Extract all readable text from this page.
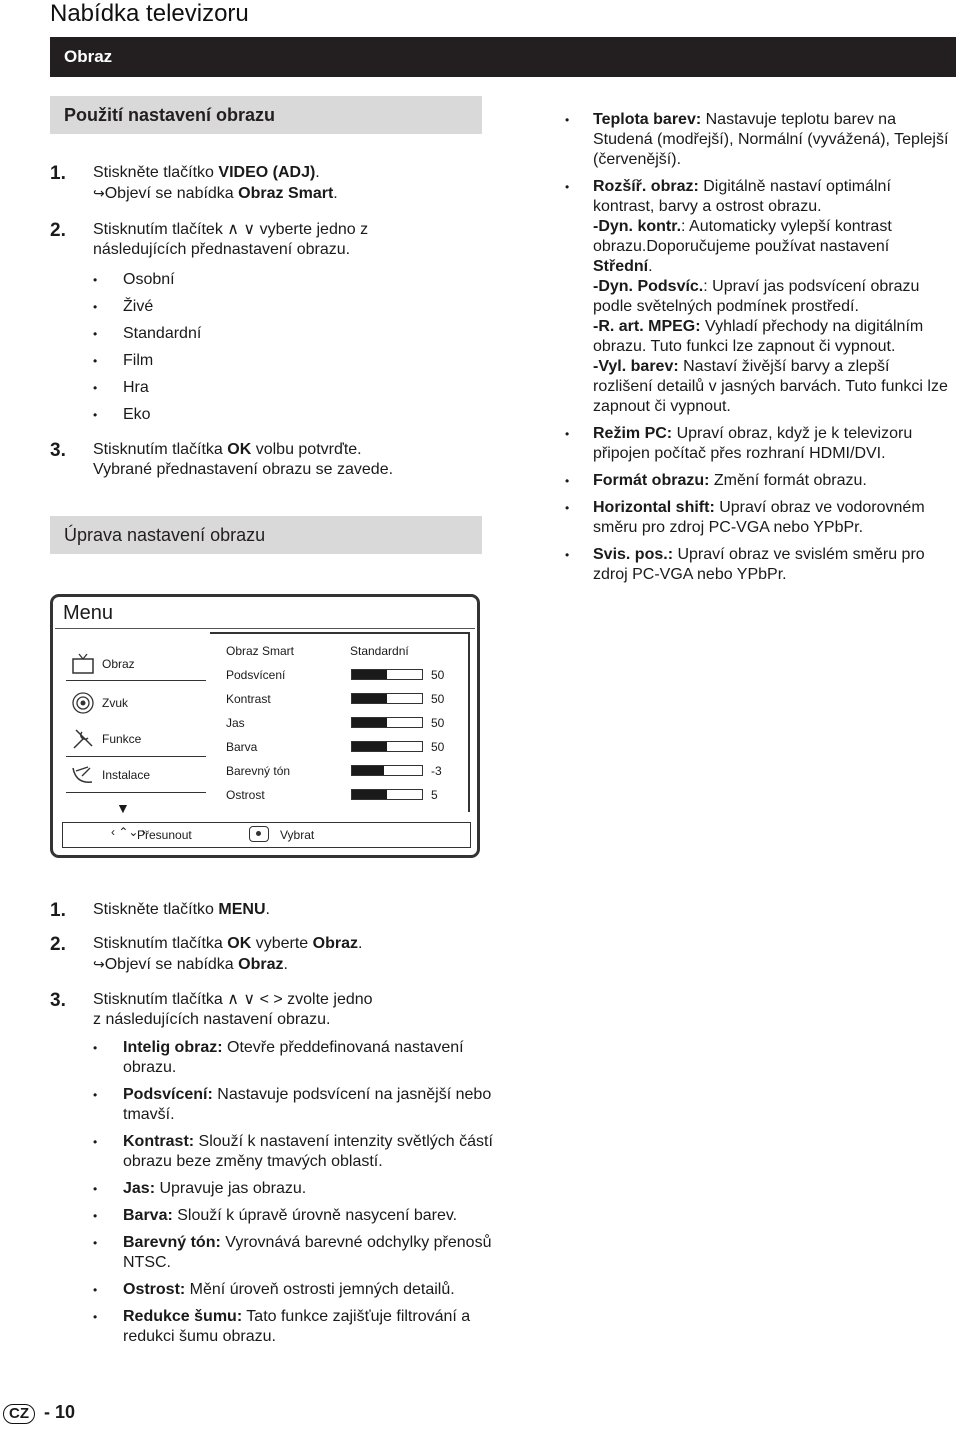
Nabídka televizoru
Obraz
Použití nastavení obrazu
1. Stiskněte tlačítko VIDEO (ADJ).
↪Objeví se nabídka Obraz Smart.
2. Stisknutím tlačítek ∧ ∨ vyberte jedno z
následujících přednastavení obrazu.

• Osobní

• Živé

• Standardní

• Film

• Hra

• Eko

3. Stisknutím tlačítka OK volbu potvrďte.
Vybrané přednastavení obrazu se zavede.
Úprava nastavení obrazu

• Teplota barev: Nastavuje teplotu barev na Studená (modřejší), Normální (vyvážená), Teplejší (červenější).

• Rozšíř. obraz: Digitálně nastaví optimální kontrast, barvy a ostrost obrazu.
-Dyn. kontr.: Automaticky vylepší kontrast obrazu.Doporučujeme používat nastavení Střední.
-Dyn. Podsvíc.: Upraví jas podsvícení obrazu podle světelných podmínek prostředí.
-R. art. MPEG: Vyhladí přechody na digitálním obrazu. Tuto funkci lze zapnout či vypnout.
-Vyl. barev: Nastaví živější barvy a zlepší rozlišení detailů v jasných barvách. Tuto funkci lze zapnout či vypnout.

• Režim PC: Upraví obraz, když je k televizoru připojen počítač přes rozhraní HDMI/DVI.

• Formát obrazu: Změní formát obrazu.

• Horizontal shift: Upraví obraz ve vodorovném směru pro zdroj PC-VGA nebo YPbPr.

• Svis. pos.: Upraví obraz ve svislém směru pro zdroj PC-VGA nebo YPbPr.

Menu
Obraz
Zvuk
Funkce
Instalace
▼
Obraz Smart	Standardní
Podsvícení	50
Kontrast	50
Jas	50
Barva	50
Barevný tón	-3
Ostrost	5
‹ ⌃⌄ ›
Přesunout	Vybrat
1. Stiskněte tlačítko MENU.
2. Stisknutím tlačítka OK vyberte Obraz.
↪Objeví se nabídka Obraz.
3. Stisknutím tlačítka ∧ ∨ < > zvolte jedno
z následujících nastavení obrazu.

• Intelig obraz: Otevře předdefinovaná nastavení obrazu.

• Podsvícení: Nastavuje podsvícení na jasnější nebo tmavší.

• Kontrast: Slouží k nastavení intenzity světlých částí obrazu beze změny tmavých oblastí.

• Jas: Upravuje jas obrazu.

• Barva: Slouží k úpravě úrovně nasycení barev.

• Barevný tón: Vyrovnává barevné odchylky přenosů NTSC.

• Ostrost: Mění úroveň ostrosti jemných detailů.

• Redukce šumu: Tato funkce zajišťuje filtrování a redukci šumu obrazu.

CZ - 10
